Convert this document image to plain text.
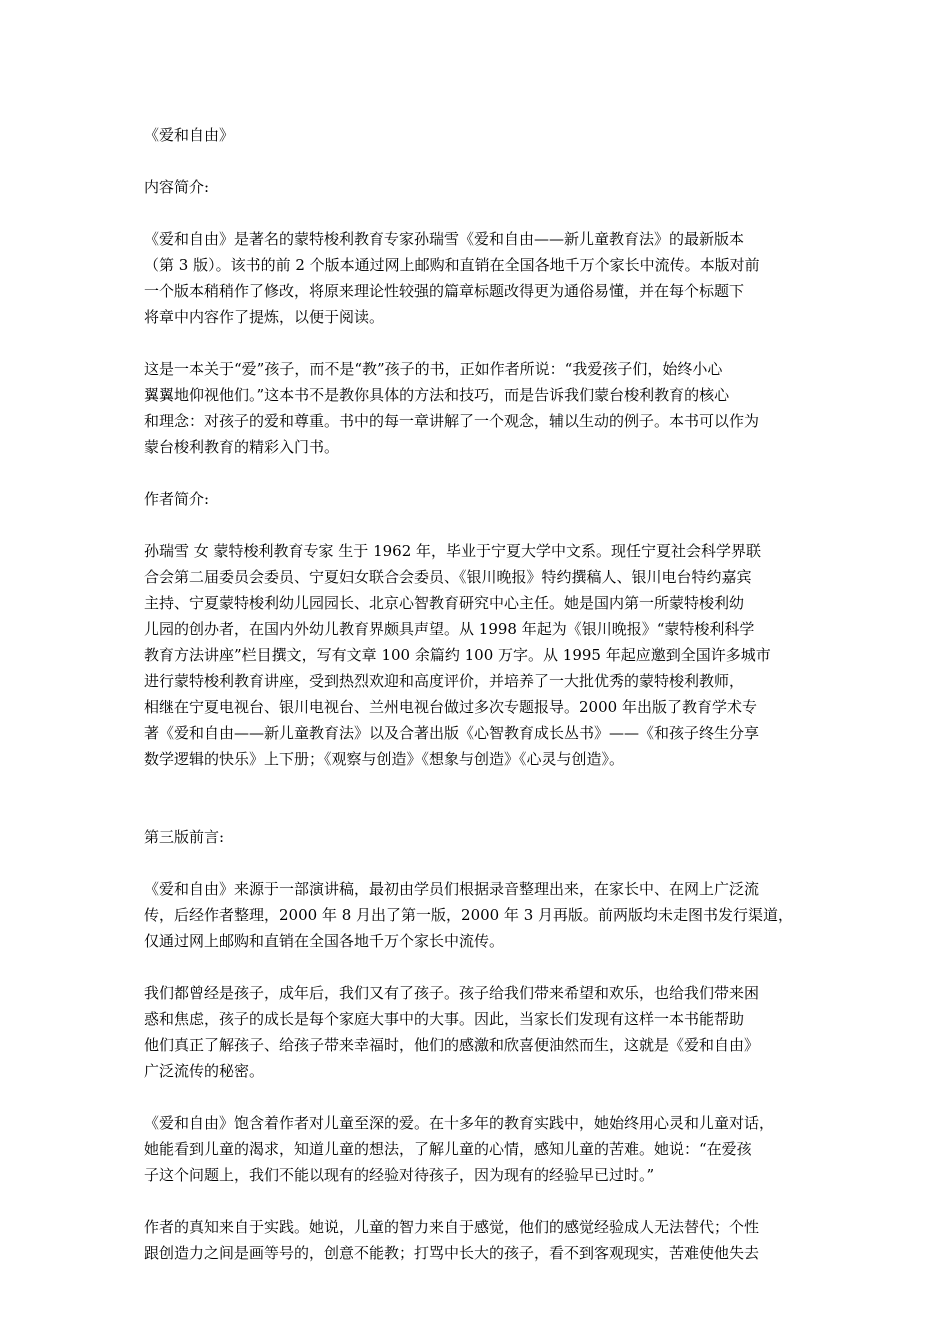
《爱和自由》
内容简介:
《爱和自由》是著名的蒙特梭利教育专家孙瑞雪《爱和自由——新儿童教育法》的最新版本
（第 3 版）。该书的前 2 个版本通过网上邮购和直销在全国各地千万个家长中流传。本版对前
一个版本稍稍作了修改，将原来理论性较强的篇章标题改得更为通俗易懂，并在每个标题下
将章中内容作了提炼，以便于阅读。
这是一本关于“爱”孩子，而不是“教”孩子的书，正如作者所说：“我爱孩子们，始终小心
翼翼地仰视他们。”这本书不是教你具体的方法和技巧，而是告诉我们蒙台梭利教育的核心
和理念：对孩子的爱和尊重。书中的每一章讲解了一个观念，辅以生动的例子。本书可以作为
蒙台梭利教育的精彩入门书。
作者简介:
孙瑞雪 女 蒙特梭利教育专家 生于 1962 年，毕业于宁夏大学中文系。现任宁夏社会科学界联
合会第二届委员会委员、宁夏妇女联合会委员、《银川晚报》特约撰稿人、银川电台特约嘉宾
主持、宁夏蒙特梭利幼儿园园长、北京心智教育研究中心主任。她是国内第一所蒙特梭利幼
儿园的创办者，在国内外幼儿教育界颇具声望。从 1998 年起为《银川晚报》“蒙特梭利科学
教育方法讲座”栏目撰文，写有文章 100 余篇约 100 万字。从 1995 年起应邀到全国许多城市
进行蒙特梭利教育讲座，受到热烈欢迎和高度评价，并培养了一大批优秀的蒙特梭利教师，
相继在宁夏电视台、银川电视台、兰州电视台做过多次专题报导。2000 年出版了教育学术专
著《爱和自由——新儿童教育法》以及合著出版《心智教育成长丛书》——《和孩子终生分享
数学逻辑的快乐》上下册；《观察与创造》《想象与创造》《心灵与创造》。
第三版前言:
《爱和自由》来源于一部演讲稿，最初由学员们根据录音整理出来，在家长中、在网上广泛流
传，后经作者整理，2000 年 8 月出了第一版，2000 年 3 月再版。前两版均未走图书发行渠道，
仅通过网上邮购和直销在全国各地千万个家长中流传。
我们都曾经是孩子，成年后，我们又有了孩子。孩子给我们带来希望和欢乐，也给我们带来困
惑和焦虑，孩子的成长是每个家庭大事中的大事。因此，当家长们发现有这样一本书能帮助
他们真正了解孩子、给孩子带来幸福时，他们的感激和欣喜便油然而生，这就是《爱和自由》
广泛流传的秘密。
《爱和自由》饱含着作者对儿童至深的爱。在十多年的教育实践中，她始终用心灵和儿童对话，
她能看到儿童的渴求，知道儿童的想法，了解儿童的心情，感知儿童的苦难。她说：“在爱孩
子这个问题上，我们不能以现有的经验对待孩子，因为现有的经验早已过时。”
作者的真知来自于实践。她说，儿童的智力来自于感觉，他们的感觉经验成人无法替代；个性
跟创造力之间是画等号的，创意不能教；打骂中长大的孩子，看不到客观现实，苦难使他失去
